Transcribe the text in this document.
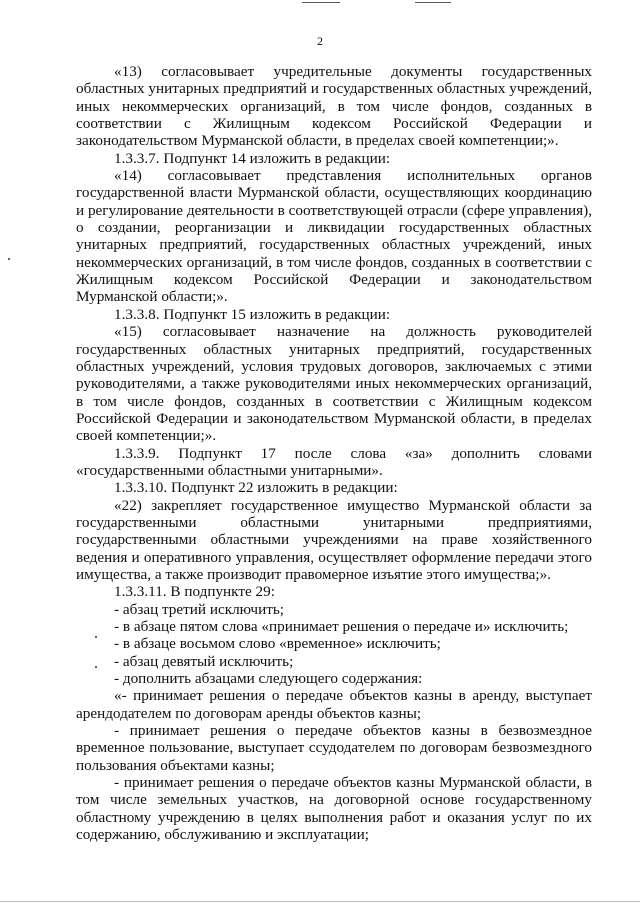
2

«13) согласовывает учредительные документы государственных областных унитарных предприятий и государственных областных учреждений, иных некоммерческих организаций, в том числе фондов, созданных в соответствии с Жилищным кодексом Российской Федерации и законодательством Мурманской области, в пределах своей компетенции;».

1.3.3.7. Подпункт 14 изложить в редакции:

«14) согласовывает представления исполнительных органов государственной власти Мурманской области, осуществляющих координацию и регулирование деятельности в соответствующей отрасли (сфере управления), о создании, реорганизации и ликвидации государственных областных унитарных предприятий, государственных областных учреждений, иных некоммерческих организаций, в том числе фондов, созданных в соответствии с Жилищным кодексом Российской Федерации и законодательством Мурманской области;».

1.3.3.8. Подпункт 15 изложить в редакции:

«15) согласовывает назначение на должность руководителей государственных областных унитарных предприятий, государственных областных учреждений, условия трудовых договоров, заключаемых с этими руководителями, а также руководителями иных некоммерческих организаций, в том числе фондов, созданных в соответствии с Жилищным кодексом Российской Федерации и законодательством Мурманской области, в пределах своей компетенции;».

1.3.3.9. Подпункт 17 после слова «за» дополнить словами «государственными областными унитарными».

1.3.3.10. Подпункт 22 изложить в редакции:

«22) закрепляет государственное имущество Мурманской области за государственными областными унитарными предприятиями, государственными областными учреждениями на праве хозяйственного ведения и оперативного управления, осуществляет оформление передачи этого имущества, а также производит правомерное изъятие этого имущества;».

1.3.3.11. В подпункте 29:

- абзац третий исключить;

- в абзаце пятом слова «принимает решения о передаче и» исключить;

- в абзаце восьмом слово «временное» исключить;

- абзац девятый исключить;

- дополнить абзацами следующего содержания:

«- принимает решения о передаче объектов казны в аренду, выступает арендодателем по договорам аренды объектов казны;

- принимает решения о передаче объектов казны в безвозмездное временное пользование, выступает ссудодателем по договорам безвозмездного пользования объектами казны;

- принимает решения о передаче объектов казны Мурманской области, в том числе земельных участков, на договорной основе государственному областному учреждению в целях выполнения работ и оказания услуг по их содержанию, обслуживанию и эксплуатации;
